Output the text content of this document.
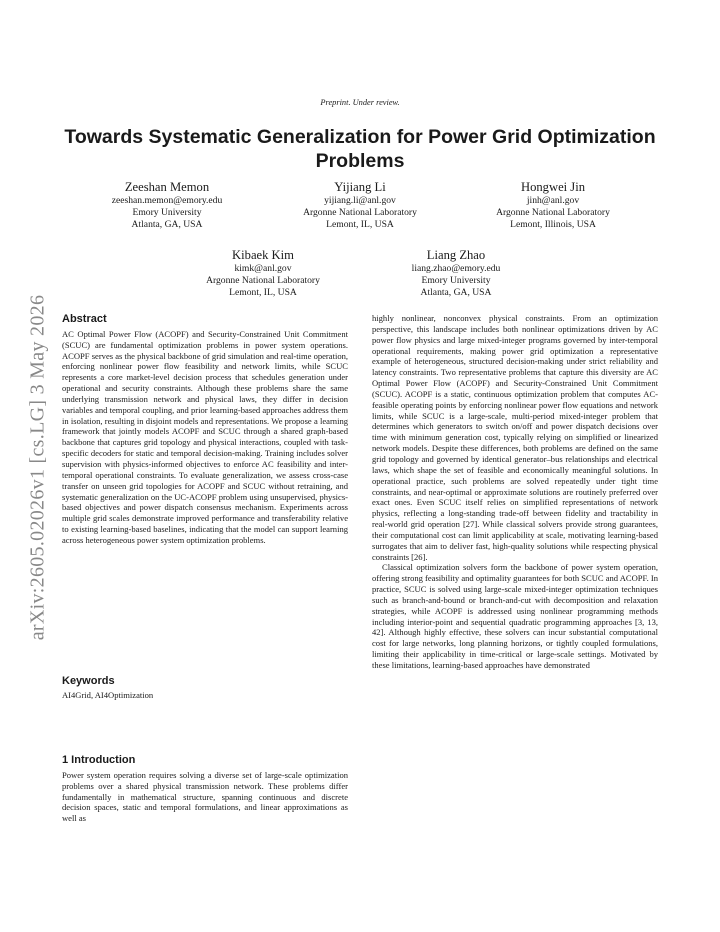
Preprint. Under review.
Towards Systematic Generalization for Power Grid Optimization
Problems
Zeeshan Memon
zeeshan.memon@emory.edu
Emory University
Atlanta, GA, USA
Yijiang Li
yijiang.li@anl.gov
Argonne National Laboratory
Lemont, IL, USA
Hongwei Jin
jinh@anl.gov
Argonne National Laboratory
Lemont, Illinois, USA
Kibaek Kim
kimk@anl.gov
Argonne National Laboratory
Lemont, IL, USA
Liang Zhao
liang.zhao@emory.edu
Emory University
Atlanta, GA, USA
arXiv:2605.02026v1 [cs.LG] 3 May 2026 Abstract

AC Optimal Power Flow (ACOPF) and Security-Constrained Unit Commitment (SCUC) are fundamental optimization problems in power system operations. ACOPF serves as the physical backbone of grid simulation and real-time operation, enforcing nonlinear power flow feasibility and network limits, while SCUC represents a core market-level decision process that schedules generation under operational and security constraints. Although these problems share the same underlying transmission network and physical laws, they differ in decision variables and temporal coupling, and prior learning-based approaches address them in isolation, resulting in disjoint models and representations. We propose a learning framework that jointly models ACOPF and SCUC through a shared graph-based backbone that captures grid topology and physical interactions, coupled with task-specific decoders for static and temporal decision-making. Training includes solver supervision with physics-informed objectives to enforce AC feasibility and inter-temporal operational constraints. To evaluate generalization, we assess cross-case transfer on unseen grid topologies for ACOPF and SCUC without retraining, and systematic generalization on the UC-ACOPF problem using unsupervised, physics-based objectives and power dispatch consensus mechanism. Experiments across multiple grid scales demonstrate improved performance and transferability relative to existing learning-based baselines, indicating that the model can support learning across heterogeneous power system optimization problems.

Keywords

AI4Grid, AI4Optimization

1 Introduction

Power system operation requires solving a diverse set of large-scale optimization problems over a shared physical transmission network. These problems differ fundamentally in mathematical structure, spanning continuous and discrete decision spaces, static and temporal formulations, and linear approximations as well as

highly nonlinear, nonconvex physical constraints. From an optimization perspective, this landscape includes both nonlinear optimizations driven by AC power flow physics and large mixed-integer programs governed by inter-temporal operational requirements, making power grid optimization a representative example of heterogeneous, structured decision-making under strict reliability and latency constraints. Two representative problems that capture this diversity are AC Optimal Power Flow (ACOPF) and Security-Constrained Unit Commitment (SCUC). ACOPF is a static, continuous optimization problem that computes AC-feasible operating points by enforcing nonlinear power flow equations and network limits, while SCUC is a large-scale, multi-period mixed-integer problem that determines which generators to switch on/off and power dispatch decisions over time with minimum generation cost, typically relying on simplified or linearized network models. Despite these differences, both problems are defined on the same grid topology and governed by identical generator–bus relationships and electrical laws, which shape the set of feasible and economically meaningful solutions. In operational practice, such problems are solved repeatedly under tight time constraints, and near-optimal or approximate solutions are routinely preferred over exact ones. Even SCUC itself relies on simplified representations of network physics, reflecting a long-standing trade-off between fidelity and tractability in real-world grid operation [27]. While classical solvers provide strong guarantees, their computational cost can limit applicability at scale, motivating learning-based surrogates that aim to deliver fast, high-quality solutions while respecting physical constraints [26].

Classical optimization solvers form the backbone of power system operation, offering strong feasibility and optimality guarantees for both SCUC and ACOPF. In practice, SCUC is solved using large-scale mixed-integer optimization techniques such as branch-and-bound or branch-and-cut with decomposition and relaxation strategies, while ACOPF is addressed using nonlinear programming methods including interior-point and sequential quadratic programming approaches [3, 13, 42]. Although highly effective, these solvers can incur substantial computational cost for large networks, long planning horizons, or tightly coupled formulations, limiting their applicability in time-critical or large-scale settings. Motivated by these limitations, learning-based approaches have demonstrated
